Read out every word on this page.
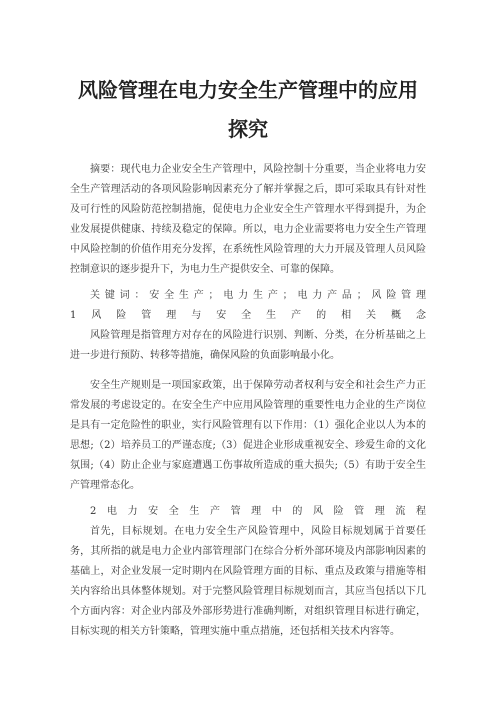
风险管理在电力安全生产管理中的应用
探究

摘要：现代电力企业安全生产管理中，风险控制十分重要，当企业将电力安全生产管理活动的各项风险影响因素充分了解并掌握之后，即可采取具有针对性及可行性的风险防范控制措施，促使电力企业安全生产管理水平得到提升，为企业发展提供健康、持续及稳定的保障。所以，电力企业需要将电力安全生产管理中风险控制的价值作用充分发挥，在系统性风险管理的大力开展及管理人员风险控制意识的逐步提升下，为电力生产提供安全、可靠的保障。

关键词：安全生产；电力生产；电力产品；风险管理

1　风　险　管　理　与　安　全　生　产　的　相　关　概　念

风险管理是指管理方对存在的风险进行识别、判断、分类，在分析基础之上进一步进行预防、转移等措施，确保风险的负面影响最小化。

安全生产规则是一项国家政策，出于保障劳动者权利与安全和社会生产力正常发展的考虑设定的。在安全生产中应用风险管理的重要性电力企业的生产岗位是具有一定危险性的职业，实行风险管理有以下作用：（1）强化企业以人为本的思想;（2）培养员工的严谨态度;（3）促进企业形成重视安全、珍爱生命的文化氛围;（4）防止企业与家庭遭遇工伤事故所造成的重大损失;（5）有助于安全生产管理常态化。

2　电　力　安　全　生　产　管　理　中　的　风　险　管　理　流　程

首先，目标规划。在电力安全生产风险管理中，风险目标规划属于首要任务，其所指的就是电力企业内部管理部门在综合分析外部环境及内部影响因素的基础上，对企业发展一定时期内在风险管理方面的目标、重点及政策与措施等相关内容给出具体整体规划。对于完整风险管理目标规划而言，其应当包括以下几个方面内容：对企业内部及外部形势进行准确判断，对组织管理目标进行确定，目标实现的相关方针策略，管理实施中重点措施，还包括相关技术内容等。
